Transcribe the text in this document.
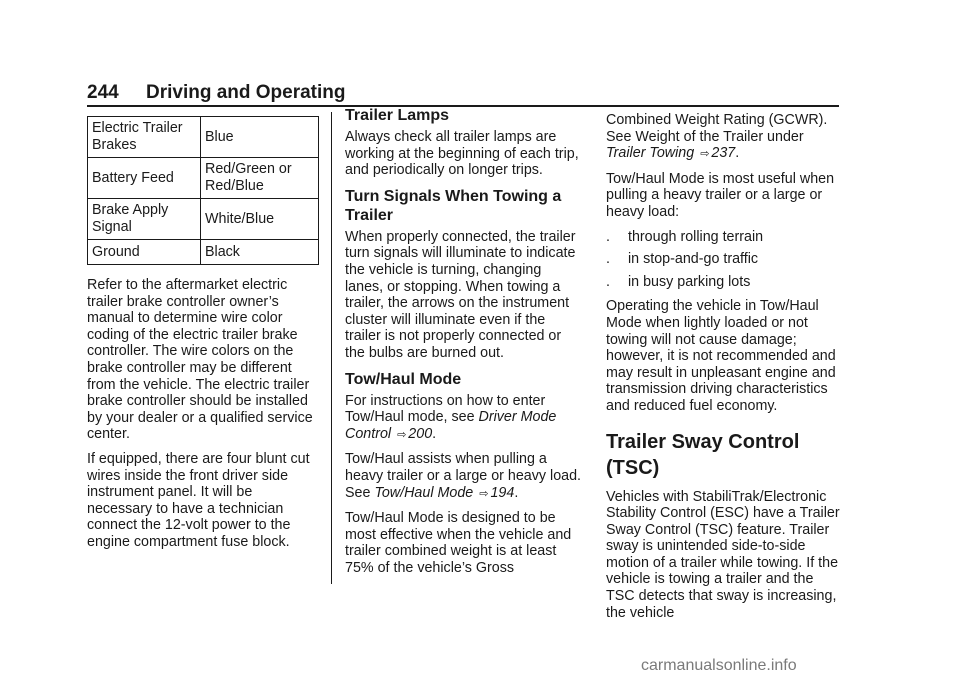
244 Driving and Operating
Electric Trailer Brakes	Blue
Battery Feed	Red/Green or Red/Blue
Brake Apply Signal	White/Blue
Ground	Black

Refer to the aftermarket electric trailer brake controller owner’s manual to determine wire color coding of the electric trailer brake controller. The wire colors on the brake controller may be different from the vehicle. The electric trailer brake controller should be installed by your dealer or a qualified service center.

If equipped, there are four blunt cut wires inside the front driver side instrument panel. It will be necessary to have a technician connect the 12-volt power to the engine compartment fuse block.

Trailer Lamps

Always check all trailer lamps are working at the beginning of each trip, and periodically on longer trips.

Turn Signals When Towing a Trailer

When properly connected, the trailer turn signals will illuminate to indicate the vehicle is turning, changing lanes, or stopping. When towing a trailer, the arrows on the instrument cluster will illuminate even if the trailer is not properly connected or the bulbs are burned out.

Tow/Haul Mode

For instructions on how to enter Tow/Haul mode, see Driver Mode Control ⇨ 200.

Tow/Haul assists when pulling a heavy trailer or a large or heavy load. See Tow/Haul Mode ⇨ 194.

Tow/Haul Mode is designed to be most effective when the vehicle and trailer combined weight is at least 75% of the vehicle’s Gross

Combined Weight Rating (GCWR). See Weight of the Trailer under Trailer Towing ⇨ 237.

Tow/Haul Mode is most useful when pulling a heavy trailer or a large or heavy load:

. through rolling terrain
. in stop-and-go traffic
. in busy parking lots

Operating the vehicle in Tow/Haul Mode when lightly loaded or not towing will not cause damage; however, it is not recommended and may result in unpleasant engine and transmission driving characteristics and reduced fuel economy.

Trailer Sway Control (TSC)

Vehicles with StabiliTrak/Electronic Stability Control (ESC) have a Trailer Sway Control (TSC) feature. Trailer sway is unintended side-to-side motion of a trailer while towing. If the vehicle is towing a trailer and the TSC detects that sway is increasing, the vehicle

carmanualsonline.info
